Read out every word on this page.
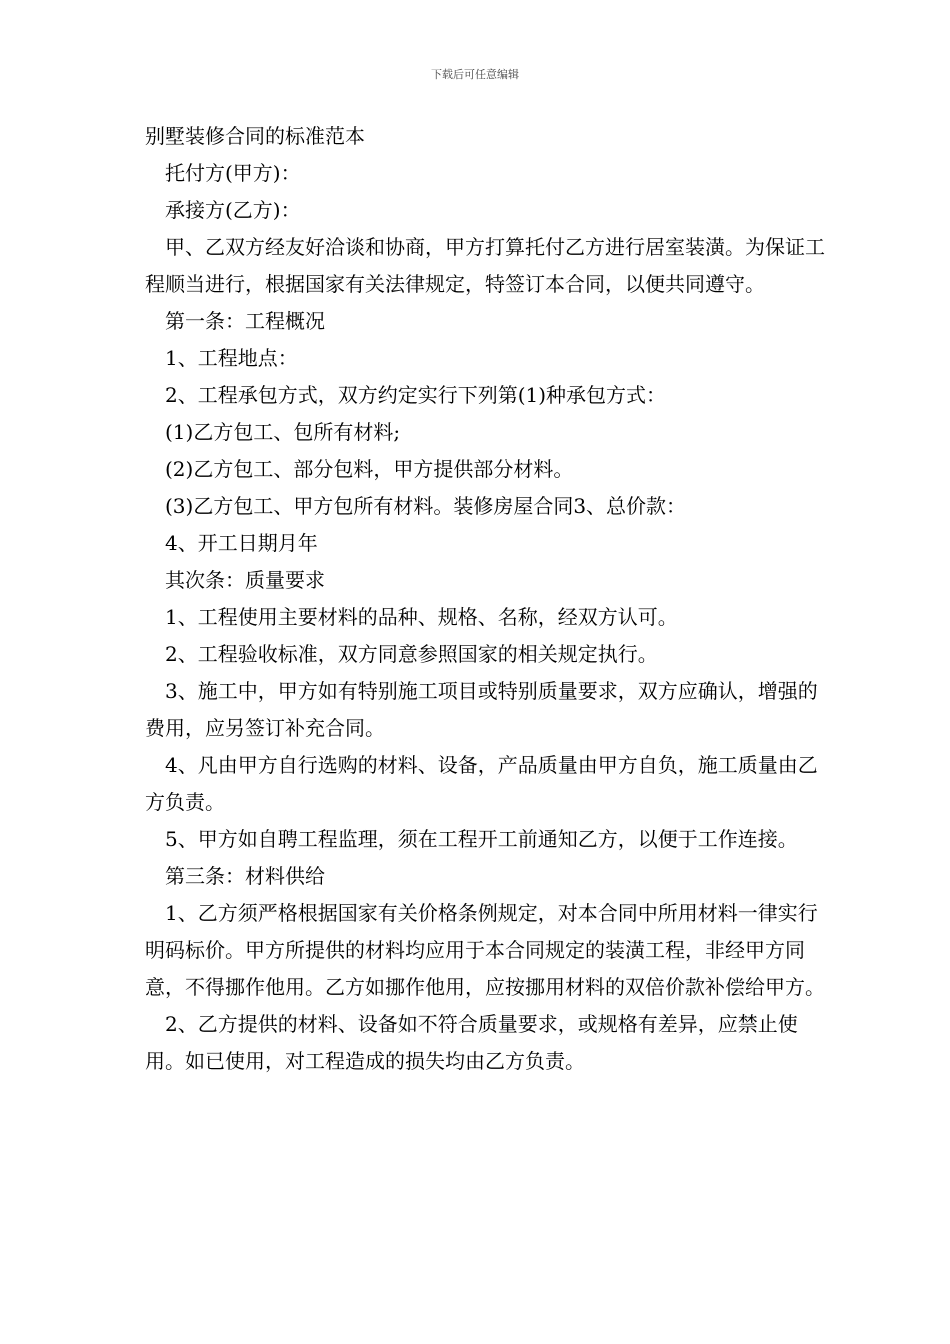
下载后可任意编辑

别墅装修合同的标准范本

托付方(甲方)：

承接方(乙方)：

甲、乙双方经友好洽谈和协商，甲方打算托付乙方进行居室装潢。为保证工程顺当进行，根据国家有关法律规定，特签订本合同，以便共同遵守。

第一条：工程概况

1、工程地点：

2、工程承包方式，双方约定实行下列第(1)种承包方式：

(1)乙方包工、包所有材料;

(2)乙方包工、部分包料，甲方提供部分材料。

(3)乙方包工、甲方包所有材料。装修房屋合同3、总价款：

4、开工日期月年

其次条：质量要求

1、工程使用主要材料的品种、规格、名称，经双方认可。

2、工程验收标准，双方同意参照国家的相关规定执行。

3、施工中，甲方如有特别施工项目或特别质量要求，双方应确认，增强的费用，应另签订补充合同。

4、凡由甲方自行选购的材料、设备，产品质量由甲方自负，施工质量由乙方负责。

5、甲方如自聘工程监理，须在工程开工前通知乙方，以便于工作连接。

第三条：材料供给

1、乙方须严格根据国家有关价格条例规定，对本合同中所用材料一律实行明码标价。甲方所提供的材料均应用于本合同规定的装潢工程，非经甲方同意，不得挪作他用。乙方如挪作他用，应按挪用材料的双倍价款补偿给甲方。

2、乙方提供的材料、设备如不符合质量要求，或规格有差异，应禁止使用。如已使用，对工程造成的损失均由乙方负责。
